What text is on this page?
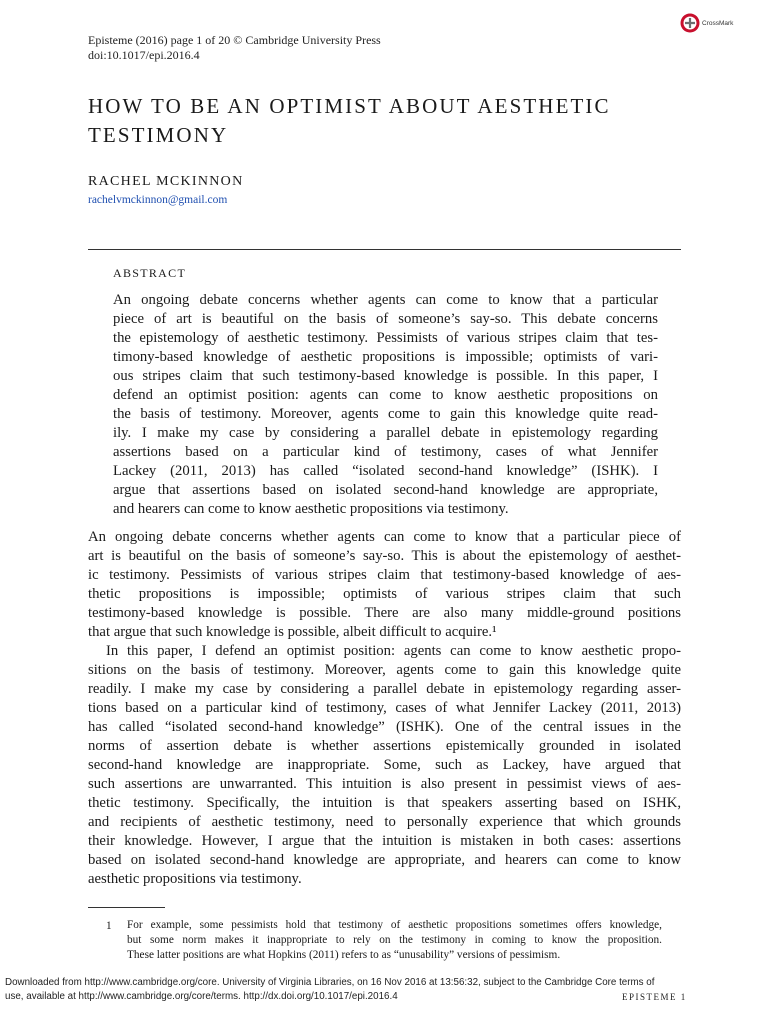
Episteme (2016) page 1 of 20 © Cambridge University Press
doi:10.1017/epi.2016.4
CrossMark
HOW TO BE AN OPTIMIST ABOUT AESTHETIC TESTIMONY
RACHEL MCKINNON
rachelvmckinnon@gmail.com
ABSTRACT
An ongoing debate concerns whether agents can come to know that a particular
piece of art is beautiful on the basis of someone’s say-so. This debate concerns
the epistemology of aesthetic testimony. Pessimists of various stripes claim that tes-
timony-based knowledge of aesthetic propositions is impossible; optimists of vari-
ous stripes claim that such testimony-based knowledge is possible. In this paper, I
defend an optimist position: agents can come to know aesthetic propositions on
the basis of testimony. Moreover, agents come to gain this knowledge quite read-
ily. I make my case by considering a parallel debate in epistemology regarding
assertions based on a particular kind of testimony, cases of what Jennifer
Lackey (2011, 2013) has called “isolated second-hand knowledge” (ISHK). I
argue that assertions based on isolated second-hand knowledge are appropriate,
and hearers can come to know aesthetic propositions via testimony.
An ongoing debate concerns whether agents can come to know that a particular piece of
art is beautiful on the basis of someone’s say-so. This is about the epistemology of aesthet-
ic testimony. Pessimists of various stripes claim that testimony-based knowledge of aes-
thetic propositions is impossible; optimists of various stripes claim that such
testimony-based knowledge is possible. There are also many middle-ground positions
that argue that such knowledge is possible, albeit difficult to acquire.¹
In this paper, I defend an optimist position: agents can come to know aesthetic propo-
sitions on the basis of testimony. Moreover, agents come to gain this knowledge quite
readily. I make my case by considering a parallel debate in epistemology regarding asser-
tions based on a particular kind of testimony, cases of what Jennifer Lackey (2011, 2013)
has called “isolated second-hand knowledge” (ISHK). One of the central issues in the
norms of assertion debate is whether assertions epistemically grounded in isolated
second-hand knowledge are inappropriate. Some, such as Lackey, have argued that
such assertions are unwarranted. This intuition is also present in pessimist views of aes-
thetic testimony. Specifically, the intuition is that speakers asserting based on ISHK,
and recipients of aesthetic testimony, need to personally experience that which grounds
their knowledge. However, I argue that the intuition is mistaken in both cases: assertions
based on isolated second-hand knowledge are appropriate, and hearers can come to know
aesthetic propositions via testimony.
1 For example, some pessimists hold that testimony of aesthetic propositions sometimes offers knowledge,
but some norm makes it inappropriate to rely on the testimony in coming to know the proposition.
These latter positions are what Hopkins (2011) refers to as “unusability” versions of pessimism.
Downloaded from http://www.cambridge.org/core. University of Virginia Libraries, on 16 Nov 2016 at 13:56:32, subject to the Cambridge Core terms of
use, available at http://www.cambridge.org/core/terms. http://dx.doi.org/10.1017/epi.2016.4	EPISTEME 1
